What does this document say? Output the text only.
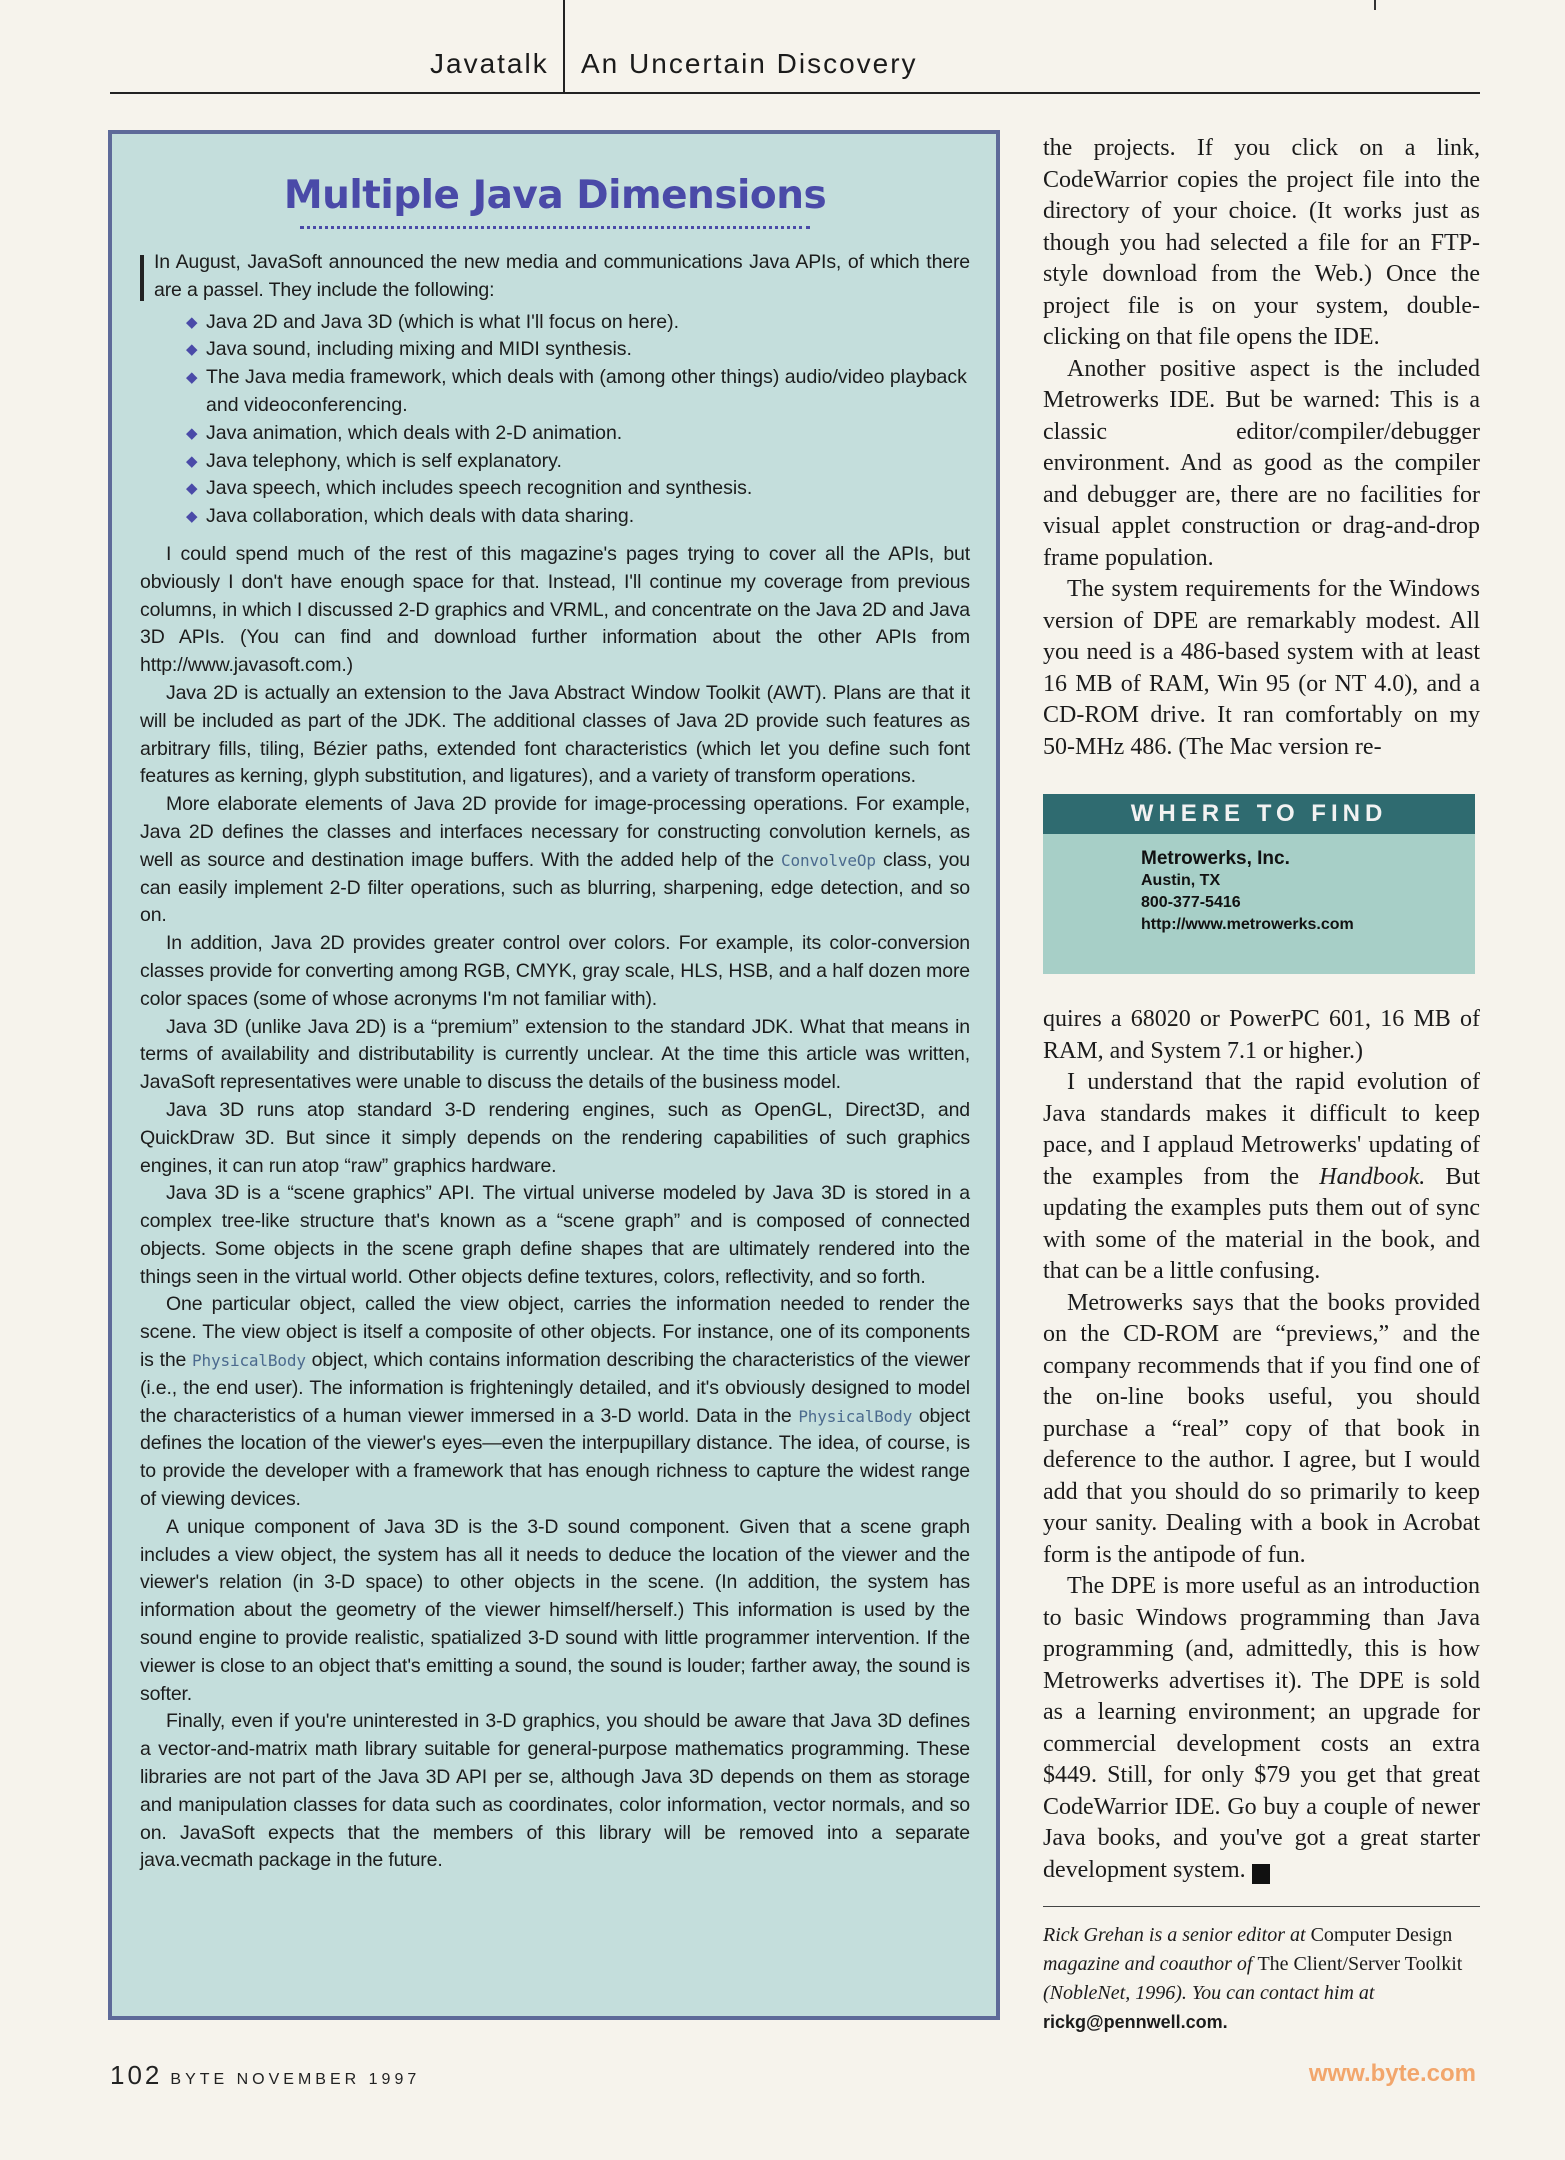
Javatalk An Uncertain Discovery
Multiple Java Dimensions

In August, JavaSoft announced the new media and communications Java APIs, of which there are a passel. They include the following:

◆ Java 2D and Java 3D (which is what I'll focus on here).
◆ Java sound, including mixing and MIDI synthesis.
◆ The Java media framework, which deals with (among other things) audio/video playback and videoconferencing.
◆ Java animation, which deals with 2-D animation.
◆ Java telephony, which is self explanatory.
◆ Java speech, which includes speech recognition and synthesis.
◆ Java collaboration, which deals with data sharing.

I could spend much of the rest of this magazine's pages trying to cover all the APIs, but obviously I don't have enough space for that. Instead, I'll continue my coverage from previous columns, in which I discussed 2-D graphics and VRML, and concentrate on the Java 2D and Java 3D APIs. (You can find and download further information about the other APIs from http://www.javasoft.com.)

Java 2D is actually an extension to the Java Abstract Window Toolkit (AWT). Plans are that it will be included as part of the JDK. The additional classes of Java 2D provide such features as arbitrary fills, tiling, Bézier paths, extended font characteristics (which let you define such font features as kerning, glyph substitution, and ligatures), and a variety of transform operations.

More elaborate elements of Java 2D provide for image-processing operations. For example, Java 2D defines the classes and interfaces necessary for constructing convolution kernels, as well as source and destination image buffers. With the added help of the ConvolveOp class, you can easily implement 2-D filter operations, such as blurring, sharpening, edge detection, and so on.

In addition, Java 2D provides greater control over colors. For example, its color-conversion classes provide for converting among RGB, CMYK, gray scale, HLS, HSB, and a half dozen more color spaces (some of whose acronyms I'm not familiar with).

Java 3D (unlike Java 2D) is a “premium” extension to the standard JDK. What that means in terms of availability and distributability is currently unclear. At the time this article was written, JavaSoft representatives were unable to discuss the details of the business model.

Java 3D runs atop standard 3-D rendering engines, such as OpenGL, Direct3D, and QuickDraw 3D. But since it simply depends on the rendering capabilities of such graphics engines, it can run atop “raw” graphics hardware.

Java 3D is a “scene graphics” API. The virtual universe modeled by Java 3D is stored in a complex tree-like structure that's known as a “scene graph” and is composed of connected objects. Some objects in the scene graph define shapes that are ultimately rendered into the things seen in the virtual world. Other objects define textures, colors, reflectivity, and so forth.

One particular object, called the view object, carries the information needed to render the scene. The view object is itself a composite of other objects. For instance, one of its components is the PhysicalBody object, which contains information describing the characteristics of the viewer (i.e., the end user). The information is frighteningly detailed, and it's obviously designed to model the characteristics of a human viewer immersed in a 3-D world. Data in the PhysicalBody object defines the location of the viewer's eyes—even the interpupillary distance. The idea, of course, is to provide the developer with a framework that has enough richness to capture the widest range of viewing devices.

A unique component of Java 3D is the 3-D sound component. Given that a scene graph includes a view object, the system has all it needs to deduce the location of the viewer and the viewer's relation (in 3-D space) to other objects in the scene. (In addition, the system has information about the geometry of the viewer himself/herself.) This information is used by the sound engine to provide realistic, spatialized 3-D sound with little programmer intervention. If the viewer is close to an object that's emitting a sound, the sound is louder; farther away, the sound is softer.

Finally, even if you're uninterested in 3-D graphics, you should be aware that Java 3D defines a vector-and-matrix math library suitable for general-purpose mathematics programming. These libraries are not part of the Java 3D API per se, although Java 3D depends on them as storage and manipulation classes for data such as coordinates, color information, vector normals, and so on. JavaSoft expects that the members of this library will be removed into a separate java.vecmath package in the future.

the projects. If you click on a link, CodeWarrior copies the project file into the directory of your choice. (It works just as though you had selected a file for an FTP-style download from the Web.) Once the project file is on your system, double-clicking on that file opens the IDE.

Another positive aspect is the included Metrowerks IDE. But be warned: This is a classic editor/compiler/debugger environment. And as good as the compiler and debugger are, there are no facilities for visual applet construction or drag-and-drop frame population.

The system requirements for the Windows version of DPE are remarkably modest. All you need is a 486-based system with at least 16 MB of RAM, Win 95 (or NT 4.0), and a CD-ROM drive. It ran comfortably on my 50-MHz 486. (The Mac version re-

WHERE TO FIND
Metrowerks, Inc.
Austin, TX
800-377-5416
http://www.metrowerks.com

quires a 68020 or PowerPC 601, 16 MB of RAM, and System 7.1 or higher.)

I understand that the rapid evolution of Java standards makes it difficult to keep pace, and I applaud Metrowerks' updating of the examples from the Handbook. But updating the examples puts them out of sync with some of the material in the book, and that can be a little confusing.

Metrowerks says that the books provided on the CD-ROM are “previews,” and the company recommends that if you find one of the on-line books useful, you should purchase a “real” copy of that book in deference to the author. I agree, but I would add that you should do so primarily to keep your sanity. Dealing with a book in Acrobat form is the antipode of fun.

The DPE is more useful as an introduction to basic Windows programming than Java programming (and, admittedly, this is how Metrowerks advertises it). The DPE is sold as a learning environment; an upgrade for commercial development costs an extra $449. Still, for only $79 you get that great CodeWarrior IDE. Go buy a couple of newer Java books, and you've got a great starter development system. B

Rick Grehan is a senior editor at Computer Design magazine and coauthor of The Client/Server Toolkit (NobleNet, 1996). You can contact him at rickg@pennwell.com.
102 BYTE NOVEMBER 1997	www.byte.com
